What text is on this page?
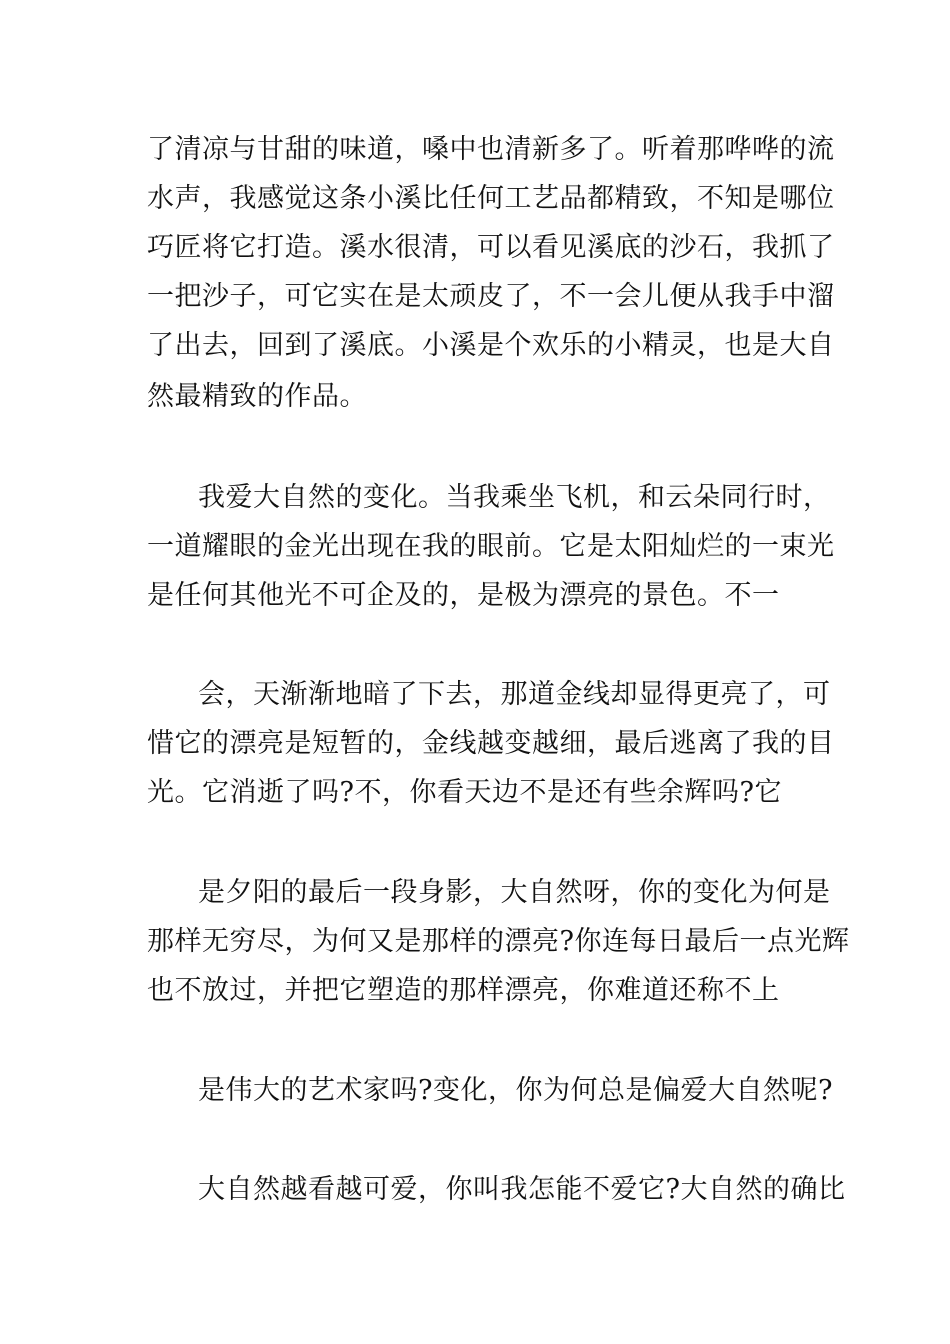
了清凉与甘甜的味道，嗓中也清新多了。听着那哗哗的流
水声，我感觉这条小溪比任何工艺品都精致，不知是哪位
巧匠将它打造。溪水很清，可以看见溪底的沙石，我抓了
一把沙子，可它实在是太顽皮了，不一会儿便从我手中溜
了出去，回到了溪底。小溪是个欢乐的小精灵，也是大自
然最精致的作品。
我爱大自然的变化。当我乘坐飞机，和云朵同行时，
一道耀眼的金光出现在我的眼前。它是太阳灿烂的一束光
是任何其他光不可企及的，是极为漂亮的景色。不一
会，天渐渐地暗了下去，那道金线却显得更亮了，可
惜它的漂亮是短暂的，金线越变越细，最后逃离了我的目
光。它消逝了吗?不，你看天边不是还有些余辉吗?它
是夕阳的最后一段身影，大自然呀，你的变化为何是
那样无穷尽，为何又是那样的漂亮?你连每日最后一点光辉
也不放过，并把它塑造的那样漂亮，你难道还称不上
是伟大的艺术家吗?变化，你为何总是偏爱大自然呢?
大自然越看越可爱，你叫我怎能不爱它?大自然的确比
